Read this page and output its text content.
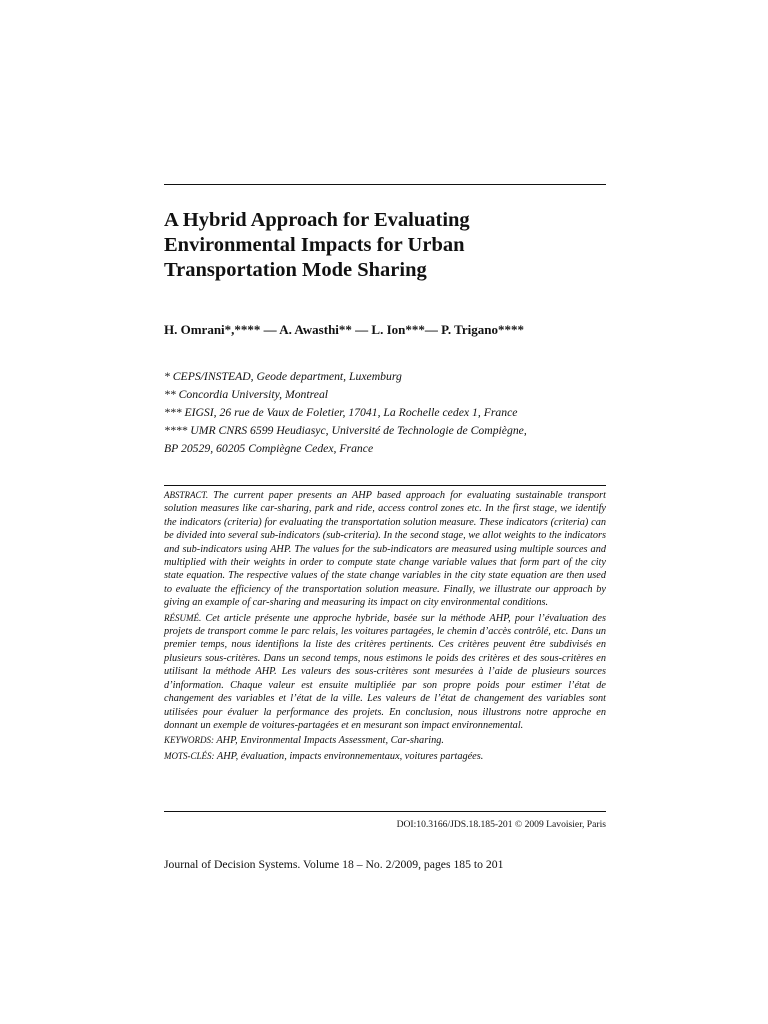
A Hybrid Approach for Evaluating
Environmental Impacts for Urban
Transportation Mode Sharing

H. Omrani*,**** — A. Awasthi** — L. Ion***— P. Trigano****

* CEPS/INSTEAD, Geode department, Luxemburg
** Concordia University, Montreal
*** EIGSI, 26 rue de Vaux de Foletier, 17041, La Rochelle cedex 1, France
**** UMR CNRS 6599 Heudiasyc, Université de Technologie de Compiègne,
BP 20529, 60205 Compiègne Cedex, France

ABSTRACT. The current paper presents an AHP based approach for evaluating sustainable transport solution measures like car-sharing, park and ride, access control zones etc. In the first stage, we identify the indicators (criteria) for evaluating the transportation solution measure. These indicators (criteria) can be divided into several sub-indicators (sub-criteria). In the second stage, we allot weights to the indicators and sub-indicators using AHP. The values for the sub-indicators are measured using multiple sources and multiplied with their weights in order to compute state change variable values that form part of the city state equation. The respective values of the state change variables in the city state equation are then used to evaluate the efficiency of the transportation solution measure. Finally, we illustrate our approach by giving an example of car-sharing and measuring its impact on city environmental conditions.

RÉSUMÉ. Cet article présente une approche hybride, basée sur la méthode AHP, pour l’évaluation des projets de transport comme le parc relais, les voitures partagées, le chemin d’accès contrôlé, etc. Dans un premier temps, nous identifions la liste des critères pertinents. Ces critères peuvent être subdivisés en plusieurs sous-critères. Dans un second temps, nous estimons le poids des critères et des sous-critères en utilisant la méthode AHP. Les valeurs des sous-critères sont mesurées à l’aide de plusieurs sources d’information. Chaque valeur est ensuite multipliée par son propre poids pour estimer l’état de changement des variables et l’état de la ville. Les valeurs de l’état de changement des variables sont utilisées pour évaluer la performance des projets. En conclusion, nous illustrons notre approche en donnant un exemple de voitures-partagées et en mesurant son impact environnemental.

KEYWORDS: AHP, Environmental Impacts Assessment, Car-sharing.

MOTS-CLÉS: AHP, évaluation, impacts environnementaux, voitures partagées.

DOI:10.3166/JDS.18.185-201 © 2009 Lavoisier, Paris
Journal of Decision Systems. Volume 18 – No. 2/2009, pages 185 to 201
